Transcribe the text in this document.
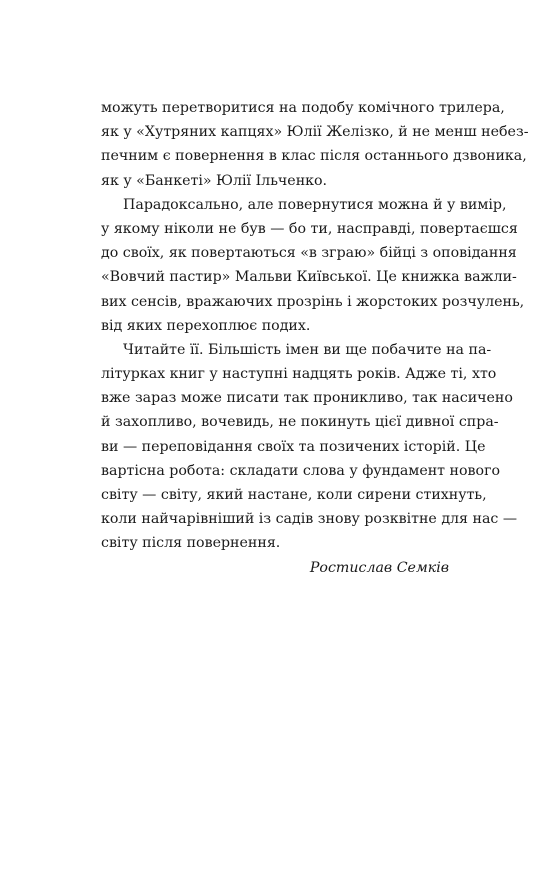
можуть перетворитися на подобу комічного трилера,
як у «Хутряних капцях» Юлії Желізко, й не менш небез-
печним є повернення в клас після останнього дзвоника,
як у «Банкеті» Юлії Ільченко.
Парадоксально, але повернутися можна й у вимір,
у якому ніколи не був — бо ти, насправді, повертаєшся
до своїх, як повертаються «в зграю» бійці з оповідання
«Вовчий пастир» Мальви Київської. Це книжка важли-
вих сенсів, вражаючих прозрінь і жорстоких розчулень,
від яких перехоплює подих.
Читайте її. Більшість імен ви ще побачите на па-
літурках книг у наступні надцять років. Адже ті, хто
вже зараз може писати так проникливо, так насичено
й захопливо, вочевидь, не покинуть цієї дивної спра-
ви — переповідання своїх та позичених історій. Це
вартісна робота: складати слова у фундамент нового
світу — світу, який настане, коли сирени стихнуть,
коли найчарівніший із садів знову розквітне для нас —
світу після повернення.
Ростислав Семків
